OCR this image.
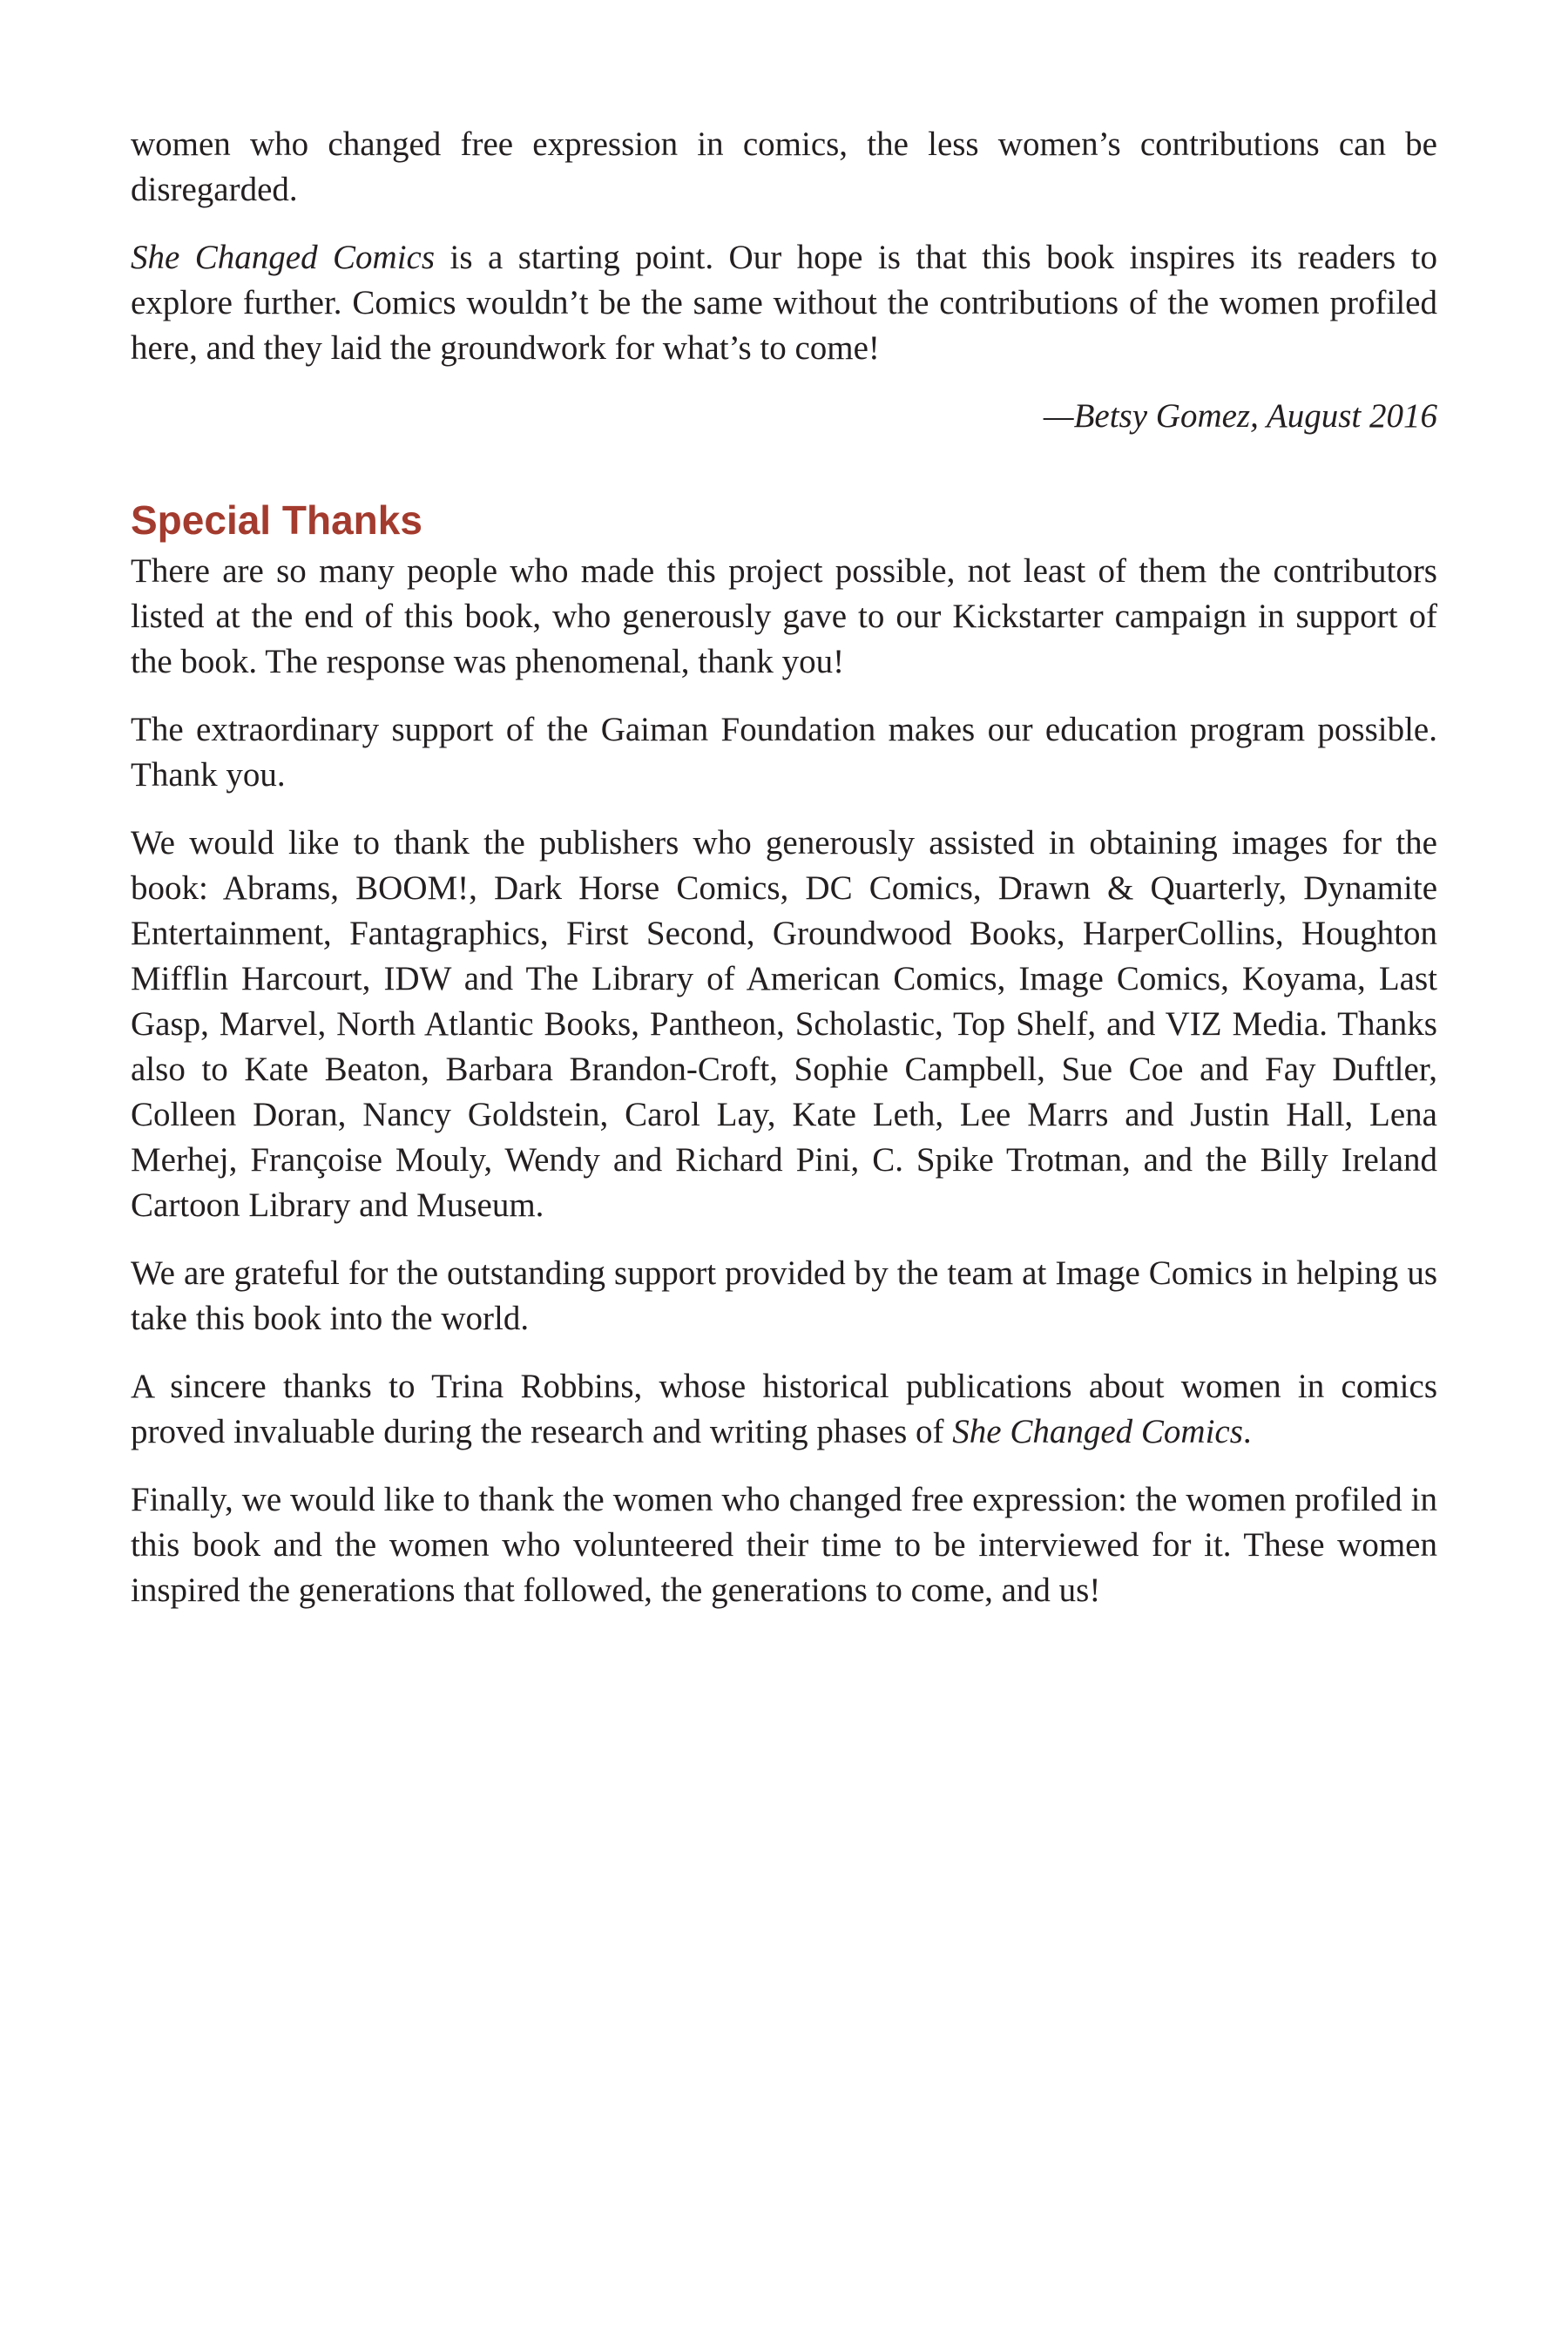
women who changed free expression in comics, the less women’s contributions can be disregarded.

She Changed Comics is a starting point. Our hope is that this book inspires its readers to explore further. Comics wouldn’t be the same without the contributions of the women profiled here, and they laid the groundwork for what’s to come!

—Betsy Gomez, August 2016

Special Thanks

There are so many people who made this project possible, not least of them the contributors listed at the end of this book, who generously gave to our Kickstarter campaign in support of the book. The response was phenomenal, thank you!

The extraordinary support of the Gaiman Foundation makes our education program possible. Thank you.

We would like to thank the publishers who generously assisted in obtaining images for the book: Abrams, BOOM!, Dark Horse Comics, DC Comics, Drawn & Quarterly, Dynamite Entertainment, Fantagraphics, First Second, Groundwood Books, HarperCollins, Houghton Mifflin Harcourt, IDW and The Library of American Comics, Image Comics, Koyama, Last Gasp, Marvel, North Atlantic Books, Pantheon, Scholastic, Top Shelf, and VIZ Media. Thanks also to Kate Beaton, Barbara Brandon-Croft, Sophie Campbell, Sue Coe and Fay Duftler, Colleen Doran, Nancy Goldstein, Carol Lay, Kate Leth, Lee Marrs and Justin Hall, Lena Merhej, Françoise Mouly, Wendy and Richard Pini, C. Spike Trotman, and the Billy Ireland Cartoon Library and Museum.

We are grateful for the outstanding support provided by the team at Image Comics in helping us take this book into the world.

A sincere thanks to Trina Robbins, whose historical publications about women in comics proved invaluable during the research and writing phases of She Changed Comics.

Finally, we would like to thank the women who changed free expression: the women profiled in this book and the women who volunteered their time to be interviewed for it. These women inspired the generations that followed, the generations to come, and us!
